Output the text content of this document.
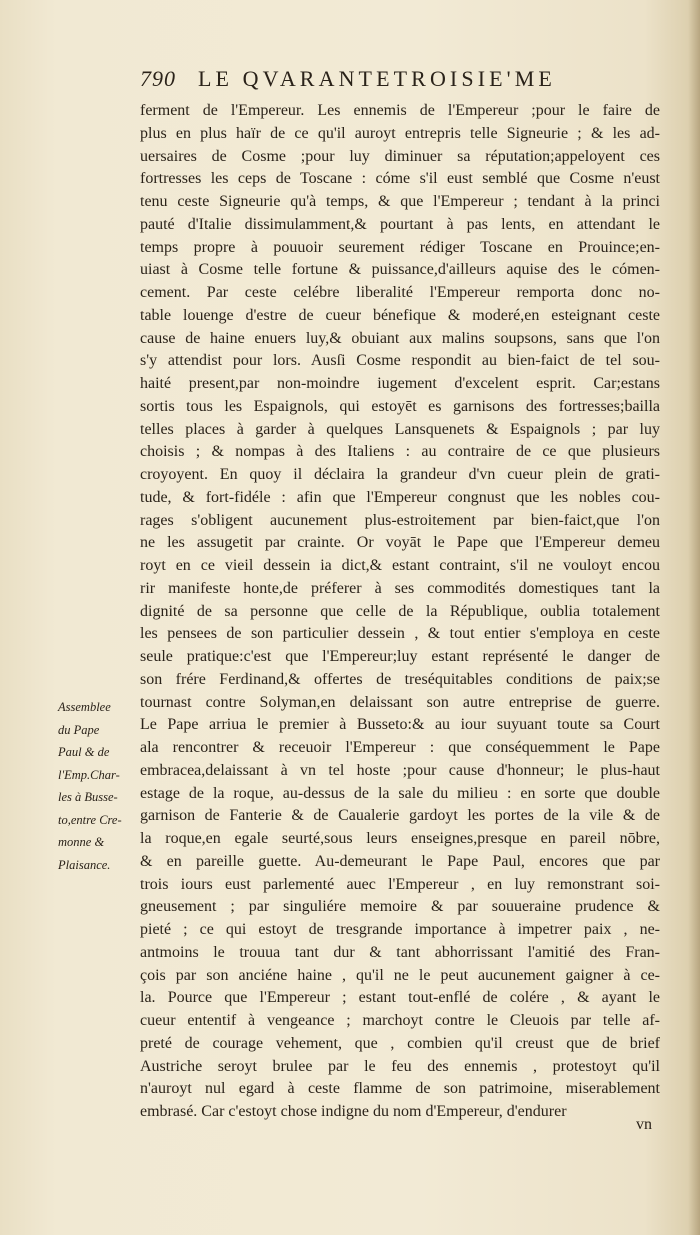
790 LE QVARANTETROISIE'ME
ferment de l'Empereur. Les ennemis de l'Empereur ;pour le faire de
plus en plus haïr de ce qu'il auroyt entrepris telle Signeurie ; & les ad-
uersaires de Cosme ;pour luy diminuer sa réputation;appeloyent ces
fortresses les ceps de Toscane : cóme s'il eust semblé que Cosme n'eust
tenu ceste Signeurie qu'à temps, & que l'Empereur ; tendant à la princi
pauté d'Italie dissimulamment,& pourtant à pas lents, en attendant le
temps propre à pouuoir seurement rédiger Toscane en Prouince;en-
uiast à Cosme telle fortune & puissance,d'ailleurs aquise des le cómen-
cement. Par ceste celébre liberalité l'Empereur remporta donc no-
table louenge d'estre de cueur bénefique & moderé,en esteignant ceste
cause de haine enuers luy,& obuiant aux malins soupsons, sans que l'on
s'y attendist pour lors. Ausſi Cosme respondit au bien-faict de tel sou-
haité present,par non-moindre iugement d'excelent esprit. Car;estans
sortis tous les Espaignols, qui estoyēt es garnisons des fortresses;bailla
telles places à garder à quelques Lansquenets & Espaignols ; par luy
choisis ; & nompas à des Italiens : au contraire de ce que plusieurs
croyoyent. En quoy il déclaira la grandeur d'vn cueur plein de grati-
tude, & fort-fidéle : afin que l'Empereur congnust que les nobles cou-
rages s'obligent aucunement plus-estroitement par bien-faict,que l'on
ne les assugetit par crainte. Or voyāt le Pape que l'Empereur demeu
royt en ce vieil dessein ia dict,& estant contraint, s'il ne vouloyt encou
rir manifeste honte,de préferer à ses commodités domestiques tant la
dignité de sa personne que celle de la République, oublia totalement
les pensees de son particulier dessein , & tout entier s'employa en ceste
seule pratique:c'est que l'Empereur;luy estant représenté le danger de
son frére Ferdinand,& offertes de treséquitables conditions de paix;se
tournast contre Solyman,en delaissant son autre entreprise de guerre.
Le Pape arriua le premier à Busseto:& au iour suyuant toute sa Court
ala rencontrer & receuoir l'Empereur : que conséquemment le Pape
embracea,delaissant à vn tel hoste ;pour cause d'honneur; le plus-haut
estage de la roque, au-dessus de la sale du milieu : en sorte que double
garnison de Fanterie & de Caualerie gardoyt les portes de la vile & de
la roque,en egale seurté,sous leurs enseignes,presque en pareil nōbre,
& en pareille guette. Au-demeurant le Pape Paul, encores que par
trois iours eust parlementé auec l'Empereur , en luy remonstrant soi-
gneusement ; par singuliére memoire & par souueraine prudence &
pieté ; ce qui estoyt de tresgrande importance à impetrer paix , ne-
antmoins le trouua tant dur & tant abhorrissant l'amitié des Fran-
çois par son anciéne haine , qu'il ne le peut aucunement gaigner à ce-
la. Pource que l'Empereur ; estant tout-enflé de colére , & ayant le
cueur ententif à vengeance ; marchoyt contre le Cleuois par telle af-
preté de courage vehement, que , combien qu'il creust que de brief
Austriche seroyt brulee par le feu des ennemis , protestoyt qu'il
n'auroyt nul egard à ceste flamme de son patrimoine, miserablement
embrasé. Car c'estoyt chose indigne du nom d'Empereur, d'endurer
Assemblee
du Pape
Paul & de
l'Emp.Char-
les à Busse-
to,entre Cre-
monne &
Plaisance.
vn
